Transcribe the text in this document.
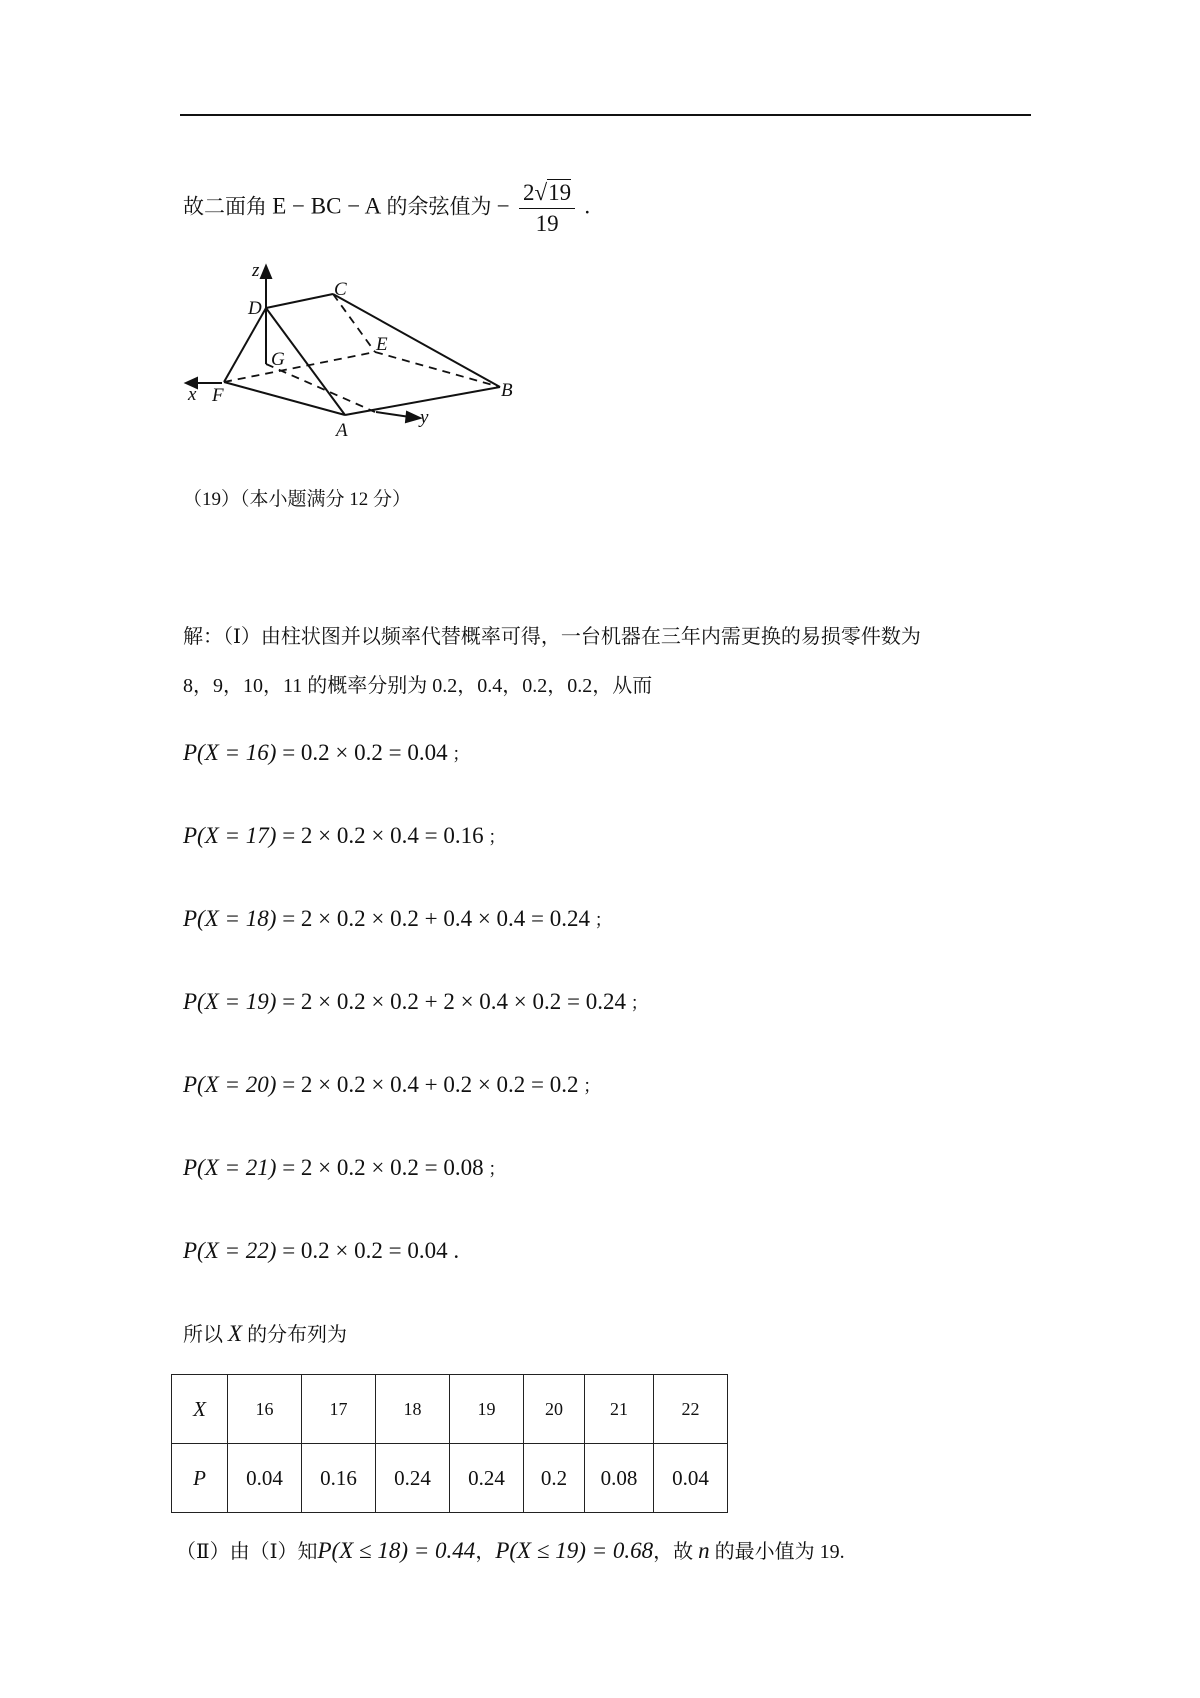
故二面角 E − BC − A 的余弦值为 − $\frac{2√19}{19}$ .
z
D
C
E
G
x F
A
y
B
（19）（本小题满分 12 分）
解：（Ⅰ）由柱状图并以频率代替概率可得，一台机器在三年内需更换的易损零件数为
8，9，10，11 的概率分别为 0.2，0.4，0.2，0.2，从而
P(X = 16) = 0.2 × 0.2 = 0.04 ；
P(X = 17) = 2 × 0.2 × 0.4 = 0.16 ；
P(X = 18) = 2 × 0.2 × 0.2 + 0.4 × 0.4 = 0.24 ；
P(X = 19) = 2 × 0.2 × 0.2 + 2 × 0.4 × 0.2 = 0.24 ；
P(X = 20) = 2 × 0.2 × 0.4 + 0.2 × 0.2 = 0.2 ；
P(X = 21) = 2 × 0.2 × 0.2 = 0.08 ；
P(X = 22) = 0.2 × 0.2 = 0.04 .
所以 X 的分布列为
X	16	17	18	19	20	21	22
P	0.04	0.16	0.24	0.24	0.2	0.08	0.04
（Ⅱ）由（Ⅰ）知P(X ≤ 18) = 0.44，P(X ≤ 19) = 0.68，故 n 的最小值为 19.
